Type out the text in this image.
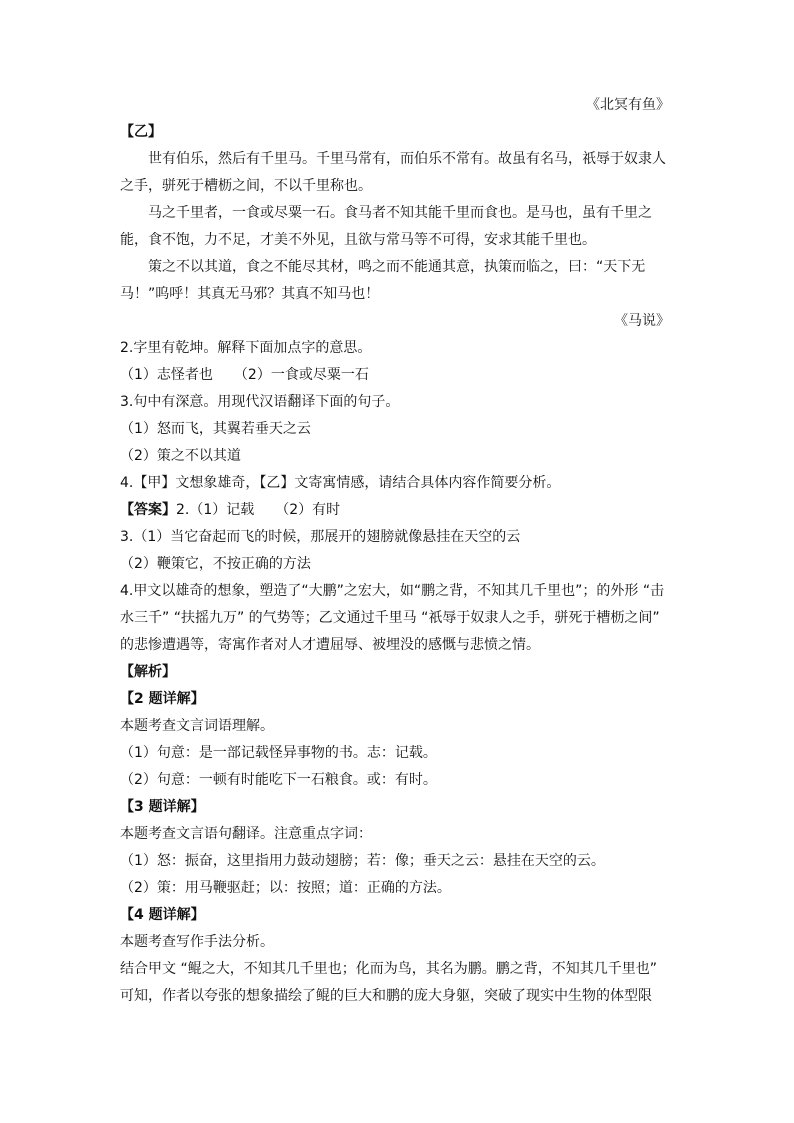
《北冥有鱼》
【乙】
世有伯乐，然后有千里马。千里马常有，而伯乐不常有。故虽有名马，祇辱于奴隶人
之手，骈死于槽枥之间，不以千里称也。
马之千里者，一食或尽粟一石。食马者不知其能千里而食也。是马也，虽有千里之
能，食不饱，力不足，才美不外见，且欲与常马等不可得，安求其能千里也。
策之不以其道，食之不能尽其材，鸣之而不能通其意，执策而临之，曰：“天下无
马！”呜呼！其真无马邪？其真不知马也！
《马说》
2.字里有乾坤。解释下面加点字的意思。
（1）志怪者也　　（2）一食或尽粟一石
3.句中有深意。用现代汉语翻译下面的句子。
（1）怒而飞，其翼若垂天之云
（2）策之不以其道
4.【甲】文想象雄奇，【乙】文寄寓情感，请结合具体内容作简要分析。
【答案】2.（1）记载　　（2）有时
3.（1）当它奋起而飞的时候，那展开的翅膀就像悬挂在天空的云
（2）鞭策它，不按正确的方法
4.甲文以雄奇的想象，塑造了“大鹏”之宏大，如“鹏之背，不知其几千里也”；的外形 “击
水三千” “扶摇九万” 的气势等；乙文通过千里马 “祇辱于奴隶人之手，骈死于槽枥之间”
的悲惨遭遇等，寄寓作者对人才遭屈辱、被埋没的感慨与悲愤之情。
【解析】
【2 题详解】
本题考查文言词语理解。
（1）句意：是一部记载怪异事物的书。志：记载。
（2）句意：一顿有时能吃下一石粮食。或：有时。
【3 题详解】
本题考查文言语句翻译。注意重点字词：
（1）怒：振奋，这里指用力鼓动翅膀；若：像；垂天之云：悬挂在天空的云。
（2）策：用马鞭驱赶；以：按照；道：正确的方法。
【4 题详解】
本题考查写作手法分析。
结合甲文 “鲲之大，不知其几千里也；化而为鸟，其名为鹏。鹏之背，不知其几千里也”
可知，作者以夸张的想象描绘了鲲的巨大和鹏的庞大身躯，突破了现实中生物的体型限
